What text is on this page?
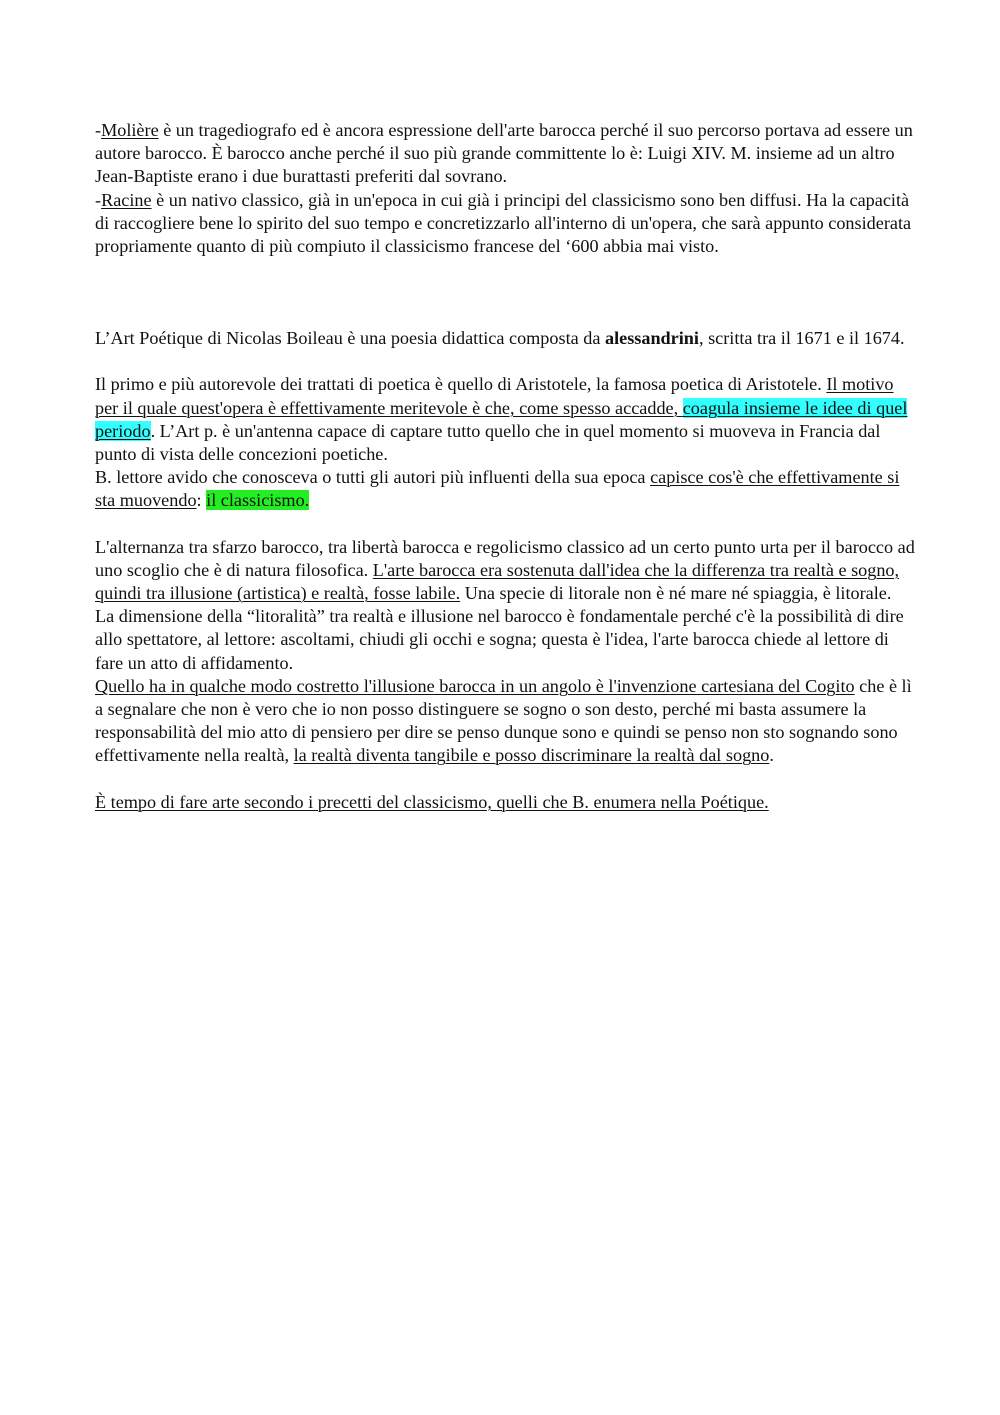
-Molière è un tragediografo ed è ancora espressione dell'arte barocca perché il suo percorso portava ad essere un autore barocco. È barocco anche perché il suo più grande committente lo è: Luigi XIV. M. insieme ad un altro Jean-Baptiste erano i due burattasti preferiti dal sovrano.

-Racine è un nativo classico, già in un'epoca in cui già i principi del classicismo sono ben diffusi. Ha la capacità di raccogliere bene lo spirito del suo tempo e concretizzarlo all'interno di un'opera, che sarà appunto considerata propriamente quanto di più compiuto il classicismo francese del ‘600 abbia mai visto.

L’Art Poétique di Nicolas Boileau è una poesia didattica composta da alessandrini, scritta tra il 1671 e il 1674.

Il primo e più autorevole dei trattati di poetica è quello di Aristotele, la famosa poetica di Aristotele. Il motivo per il quale quest'opera è effettivamente meritevole è che, come spesso accadde, coagula insieme le idee di quel periodo. L’Art p. è un'antenna capace di captare tutto quello che in quel momento si muoveva in Francia dal punto di vista delle concezioni poetiche.

B. lettore avido che conosceva o tutti gli autori più influenti della sua epoca capisce cos'è che effettivamente si sta muovendo: il classicismo.

L'alternanza tra sfarzo barocco, tra libertà barocca e regolicismo classico ad un certo punto urta per il barocco ad uno scoglio che è di natura filosofica. L'arte barocca era sostenuta dall'idea che la differenza tra realtà e sogno, quindi tra illusione (artistica) e realtà, fosse labile. Una specie di litorale non è né mare né spiaggia, è litorale. La dimensione della “litoralità” tra realtà e illusione nel barocco è fondamentale perché c'è la possibilità di dire allo spettatore, al lettore: ascoltami, chiudi gli occhi e sogna; questa è l'idea, l'arte barocca chiede al lettore di fare un atto di affidamento.

Quello ha in qualche modo costretto l'illusione barocca in un angolo è l'invenzione cartesiana del Cogito che è lì a segnalare che non è vero che io non posso distinguere se sogno o son desto, perché mi basta assumere la responsabilità del mio atto di pensiero per dire se penso dunque sono e quindi se penso non sto sognando sono effettivamente nella realtà, la realtà diventa tangibile e posso discriminare la realtà dal sogno.

È tempo di fare arte secondo i precetti del classicismo, quelli che B. enumera nella Poétique.
